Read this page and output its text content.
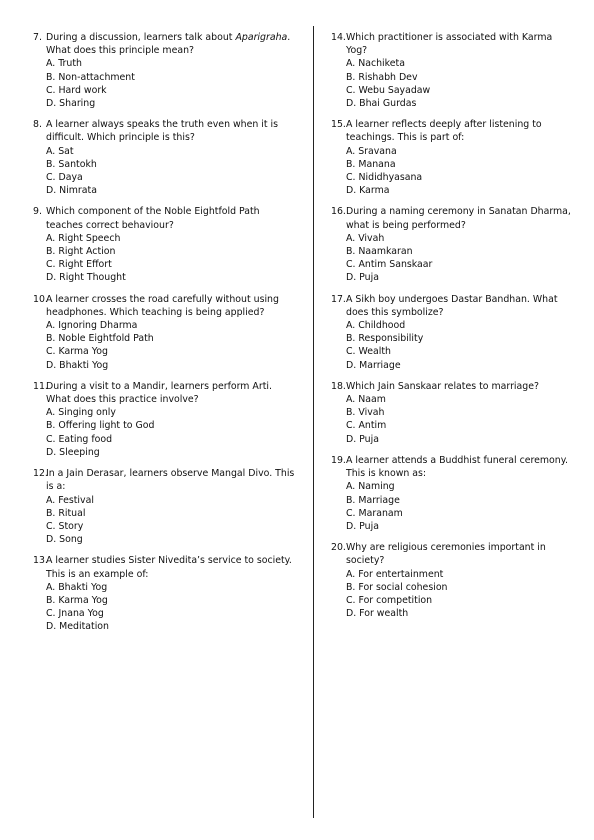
7. During a discussion, learners talk about Aparigraha. What does this principle mean?
A. Truth
B. Non-attachment
C. Hard work
D. Sharing
8. A learner always speaks the truth even when it is difficult. Which principle is this?
A. Sat
B. Santokh
C. Daya
D. Nimrata
9. Which component of the Noble Eightfold Path teaches correct behaviour?
A. Right Speech
B. Right Action
C. Right Effort
D. Right Thought
10.
A learner crosses the road carefully without using headphones. Which teaching is being applied?
A. Ignoring Dharma
B. Noble Eightfold Path
C. Karma Yog
D. Bhakti Yog
11.
During a visit to a Mandir, learners perform Arti. What does this practice involve?
A. Singing only
B. Offering light to God
C. Eating food
D. Sleeping
12.
In a Jain Derasar, learners observe Mangal Divo. This is a:
A. Festival
B. Ritual
C. Story
D. Song
13.
A learner studies Sister Nivedita’s service to society. This is an example of:
A. Bhakti Yog
B. Karma Yog
C. Jnana Yog
D. Meditation
14. Which practitioner is associated with Karma Yog?
A. Nachiketa
B. Rishabh Dev
C. Webu Sayadaw
D. Bhai Gurdas
15. A learner reflects deeply after listening to teachings. This is part of:
A. Sravana
B. Manana
C. Nididhyasana
D. Karma
16. During a naming ceremony in Sanatan Dharma, what is being performed?
A. Vivah
B. Naamkaran
C. Antim Sanskaar
D. Puja
17. A Sikh boy undergoes Dastar Bandhan. What does this symbolize?
A. Childhood
B. Responsibility
C. Wealth
D. Marriage
18. Which Jain Sanskaar relates to marriage?
A. Naam
B. Vivah
C. Antim
D. Puja
19. A learner attends a Buddhist funeral ceremony. This is known as:
A. Naming
B. Marriage
C. Maranam
D. Puja
20. Why are religious ceremonies important in society?
A. For entertainment
B. For social cohesion
C. For competition
D. For wealth
